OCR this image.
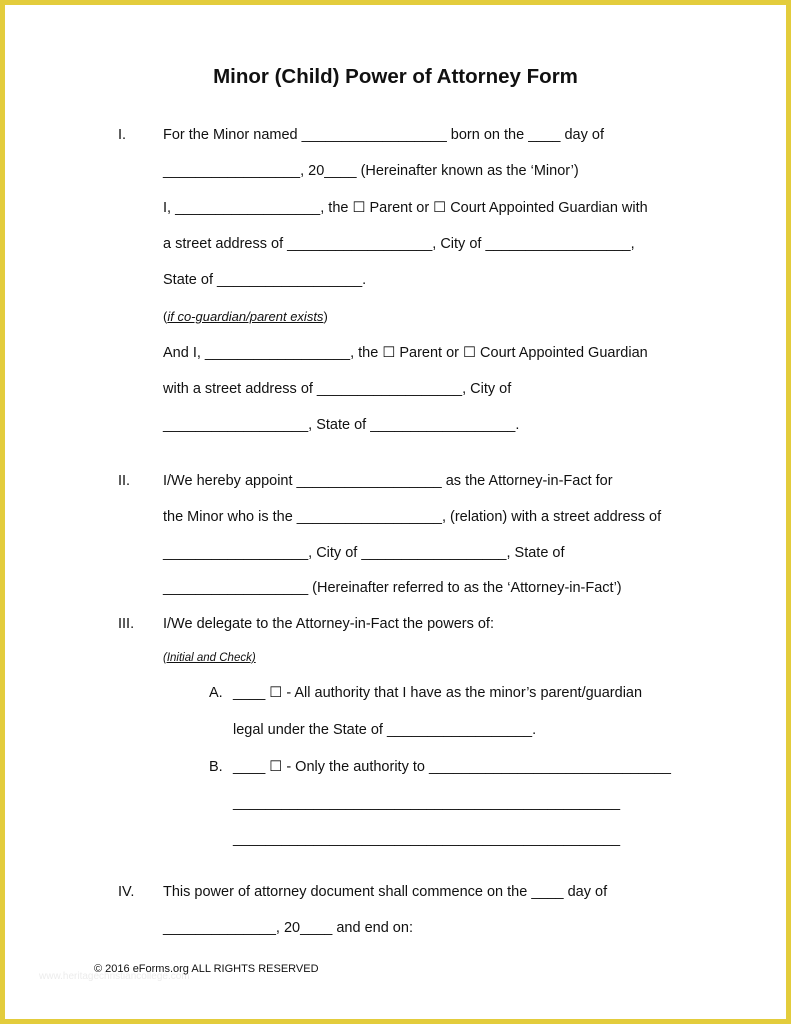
Minor (Child) Power of Attorney Form
I.	For the Minor named __________________ born on the ____ day of
_________________, 20____ (Hereinafter known as the ‘Minor’)
I, __________________, the ☐ Parent or ☐ Court Appointed Guardian with
a street address of __________________, City of __________________,
State of __________________.
(if co-guardian/parent exists)
And I, __________________, the ☐ Parent or ☐ Court Appointed Guardian
with a street address of __________________, City of
__________________, State of __________________.
II. I/We hereby appoint __________________ as the Attorney-in-Fact for
the Minor who is the __________________, (relation) with a street address of
__________________, City of __________________, State of
__________________ (Hereinafter referred to as the ‘Attorney-in-Fact’)
III. I/We delegate to the Attorney-in-Fact the powers of:
(Initial and Check)
A. ____ ☐ - All authority that I have as the minor’s parent/guardian
legal under the State of __________________.
B. ____ ☐ - Only the authority to ______________________________
________________________________________________
________________________________________________
IV. This power of attorney document shall commence on the ____ day of
______________, 20____ and end on:
www.heritagechristiancollege.com
© 2016 eForms.org ALL RIGHTS RESERVED
